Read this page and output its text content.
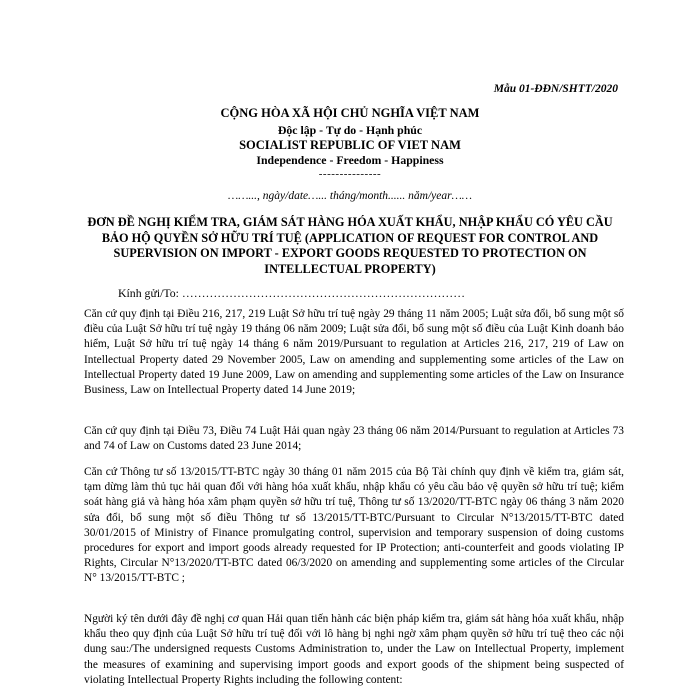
Mẫu 01-ĐĐN/SHTT/2020
CỘNG HÒA XÃ HỘI CHỦ NGHĨA VIỆT NAM
Độc lập - Tự do - Hạnh phúc
SOCIALIST REPUBLIC OF VIET NAM
Independence - Freedom - Happiness
---------------
……..., ngày/date…... tháng/month...... năm/year……
ĐƠN ĐỀ NGHỊ KIỂM TRA, GIÁM SÁT HÀNG HÓA XUẤT KHẨU, NHẬP KHẨU CÓ YÊU CẦU BẢO HỘ QUYỀN SỞ HỮU TRÍ TUỆ (APPLICATION OF REQUEST FOR CONTROL AND SUPERVISION ON IMPORT - EXPORT GOODS REQUESTED TO PROTECTION ON INTELLECTUAL PROPERTY)
Kính gửi/To: ………………………………………………………………
Căn cứ quy định tại Điều 216, 217, 219 Luật Sở hữu trí tuệ ngày 29 tháng 11 năm 2005; Luật sửa đổi, bổ sung một số điều của Luật Sở hữu trí tuệ ngày 19 tháng 06 năm 2009; Luật sửa đổi, bổ sung một số điều của Luật Kinh doanh bảo hiểm, Luật Sở hữu trí tuệ ngày 14 tháng 6 năm 2019/Pursuant to regulation at Articles 216, 217, 219 of Law on Intellectual Property dated 29 November 2005, Law on amending and supplementing some articles of the Law on Intellectual Property dated 19 June 2009, Law on amending and supplementing some articles of the Law on Insurance Business, Law on Intellectual Property dated 14 June 2019;
Căn cứ quy định tại Điều 73, Điều 74 Luật Hải quan ngày 23 tháng 06 năm 2014/Pursuant to regulation at Articles 73 and 74 of Law on Customs dated 23 June 2014;
Căn cứ Thông tư số 13/2015/TT-BTC ngày 30 tháng 01 năm 2015 của Bộ Tài chính quy định về kiểm tra, giám sát, tạm dừng làm thủ tục hải quan đối với hàng hóa xuất khẩu, nhập khẩu có yêu cầu bảo vệ quyền sở hữu trí tuệ; kiểm soát hàng giả và hàng hóa xâm phạm quyền sở hữu trí tuệ, Thông tư số 13/2020/TT-BTC ngày 06 tháng 3 năm 2020 sửa đổi, bổ sung một số điều Thông tư số 13/2015/TT-BTC/Pursuant to Circular N°13/2015/TT-BTC dated 30/01/2015 of Ministry of Finance promulgating control, supervision and temporary suspension of doing customs procedures for export and import goods already requested for IP Protection; anti-counterfeit and goods violating IP Rights, Circular N°13/2020/TT-BTC dated 06/3/2020 on amending and supplementing some articles of the Circular N° 13/2015/TT-BTC ;
Người ký tên dưới đây đề nghị cơ quan Hải quan tiến hành các biện pháp kiểm tra, giám sát hàng hóa xuất khẩu, nhập khẩu theo quy định của Luật Sở hữu trí tuệ đối với lô hàng bị nghi ngờ xâm phạm quyền sở hữu trí tuệ theo các nội dung sau:/The undersigned requests Customs Administration to, under the Law on Intellectual Property, implement the measures of examining and supervising import goods and export goods of the shipment being suspected of violating Intellectual Property Rights including the following content:
